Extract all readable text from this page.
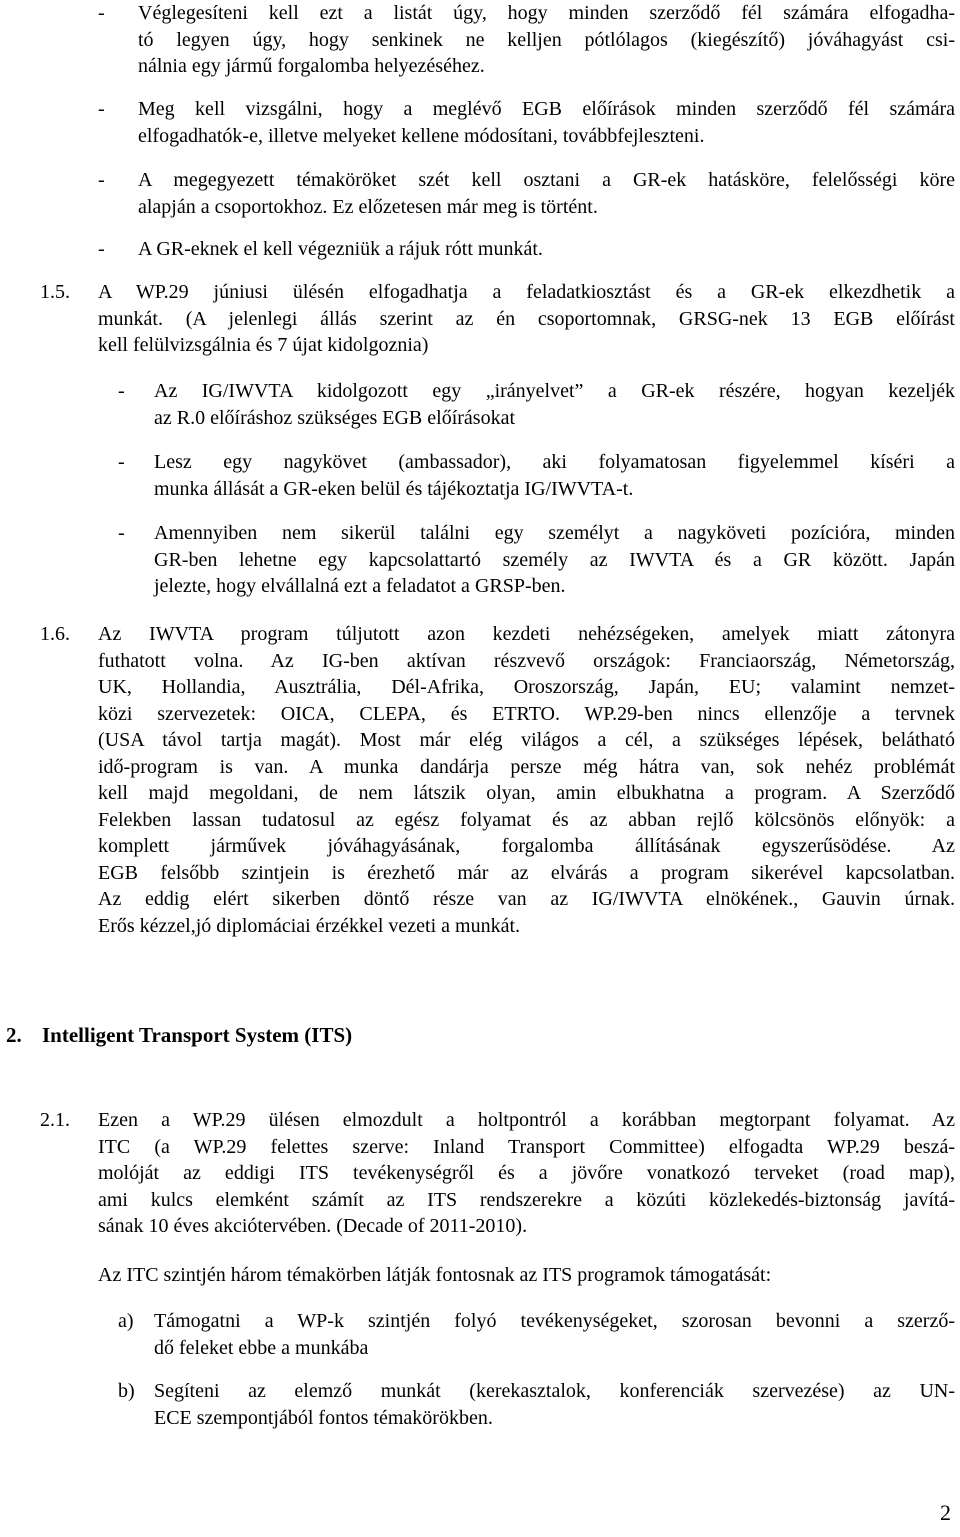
- Véglegesíteni kell ezt a listát úgy, hogy minden szerződő fél számára elfogadha-
tó legyen úgy, hogy senkinek ne kelljen pótlólagos (kiegészítő) jóváhagyást csi-
nálnia egy jármű forgalomba helyezéséhez.
- Meg kell vizsgálni, hogy a meglévő EGB előírások minden szerződő fél számára
elfogadhatók-e, illetve melyeket kellene módosítani, továbbfejleszteni.
- A megegyezett témaköröket szét kell osztani a GR-ek hatásköre, felelősségi köre
alapján a csoportokhoz. Ez előzetesen már meg is történt.
- A GR-eknek el kell végezniük a rájuk rótt munkát.
1.5. A WP.29 júniusi ülésén elfogadhatja a feladatkiosztást és a GR-ek elkezdhetik a
munkát. (A jelenlegi állás szerint az én csoportomnak, GRSG-nek 13 EGB előírást
kell felülvizsgálnia és 7 újat kidolgoznia)
- Az IG/IWVTA kidolgozott egy „irányelvet” a GR-ek részére, hogyan kezeljék
az R.0 előíráshoz szükséges EGB előírásokat
- Lesz egy nagykövet (ambassador), aki folyamatosan figyelemmel kíséri a
munka állását a GR-eken belül és tájékoztatja IG/IWVTA-t.
- Amennyiben nem sikerül találni egy személyt a nagyköveti pozícióra, minden
GR-ben lehetne egy kapcsolattartó személy az IWVTA és a GR között. Japán
jelezte, hogy elvállalná ezt a feladatot a GRSP-ben.
1.6. Az IWVTA program túljutott azon kezdeti nehézségeken, amelyek miatt zátonyra
futhatott volna. Az IG-ben aktívan részvevő országok: Franciaország, Németország,
UK, Hollandia, Ausztrália, Dél-Afrika, Oroszország, Japán, EU; valamint nemzet-
közi szervezetek: OICA, CLEPA, és ETRTO. WP.29-ben nincs ellenzője a tervnek
(USA távol tartja magát). Most már elég világos a cél, a szükséges lépések, belátható
idő-program is van. A munka dandárja persze még hátra van, sok nehéz problémát
kell majd megoldani, de nem látszik olyan, amin elbukhatna a program. A Szerződő
Felekben lassan tudatosul az egész folyamat és az abban rejlő kölcsönös előnyök: a
komplett járművek jóváhagyásának, forgalomba állításának egyszerűsödése. Az
EGB felsőbb szintjein is érezhető már az elvárás a program sikerével kapcsolatban.
Az eddig elért sikerben döntő része van az IG/IWVTA elnökének., Gauvin úrnak.
Erős kézzel,jó diplomáciai érzékkel vezeti a munkát.
2. Intelligent Transport System (ITS)
2.1. Ezen a WP.29 ülésen elmozdult a holtpontról a korábban megtorpant folyamat. Az
ITC (a WP.29 felettes szerve: Inland Transport Committee) elfogadta WP.29 beszá-
molóját az eddigi ITS tevékenységről és a jövőre vonatkozó terveket (road map),
ami kulcs elemként számít az ITS rendszerekre a közúti közlekedés-biztonság javítá-
sának 10 éves akciótervében. (Decade of 2011-2010).
Az ITC szintjén három témakörben látják fontosnak az ITS programok támogatását:
a) Támogatni a WP-k szintjén folyó tevékenységeket, szorosan bevonni a szerző-
dő feleket ebbe a munkába
b) Segíteni az elemző munkát (kerekasztalok, konferenciák szervezése) az UN-
ECE szempontjából fontos témakörökben.
2
